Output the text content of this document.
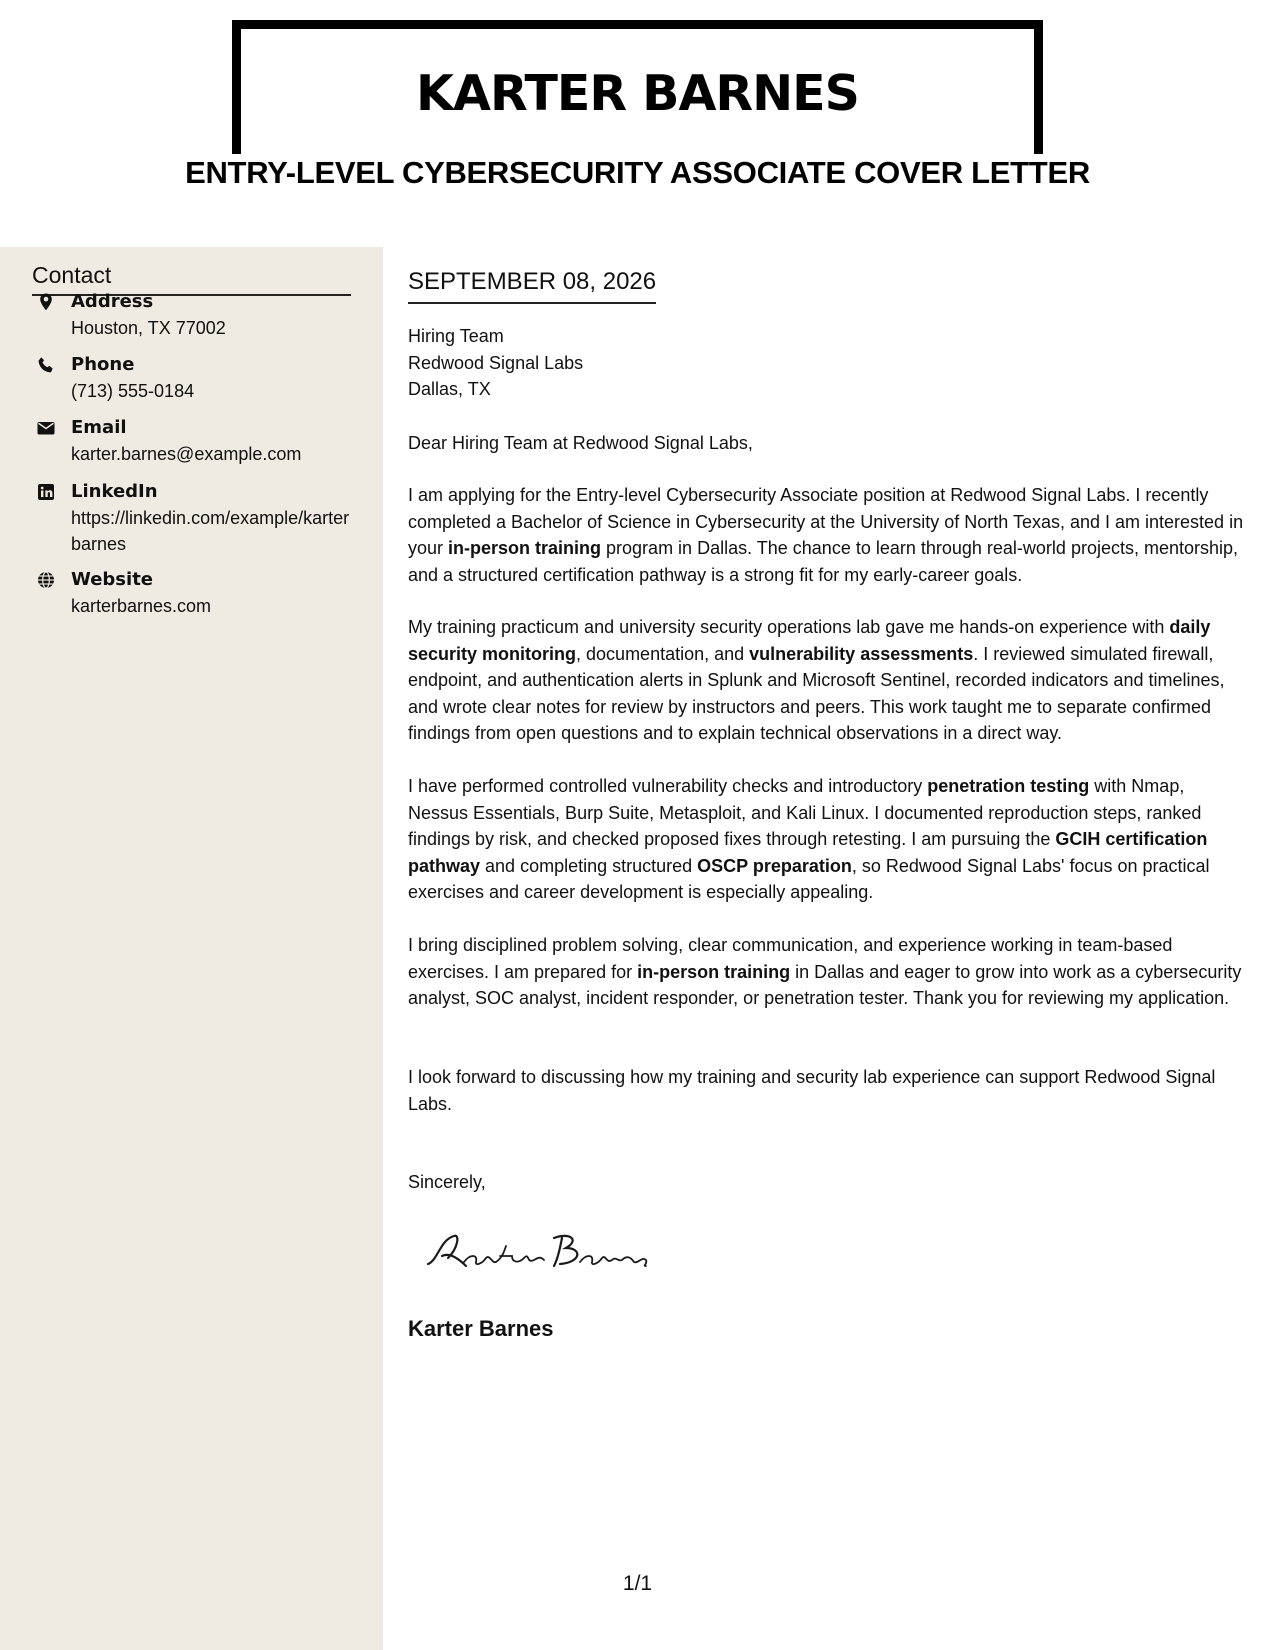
KARTER BARNES
ENTRY-LEVEL CYBERSECURITY ASSOCIATE COVER LETTER
Contact
Address
Houston, TX 77002
Phone
(713) 555-0184
Email
karter.barnes@example.com
LinkedIn
https://linkedin.com/example/karterbarnes
Website
karterbarnes.com
SEPTEMBER 08, 2026
Hiring Team
Redwood Signal Labs
Dallas, TX
Dear Hiring Team at Redwood Signal Labs,

I am applying for the Entry-level Cybersecurity Associate position at Redwood Signal Labs. I recently completed a Bachelor of Science in Cybersecurity at the University of North Texas, and I am interested in your in-person training program in Dallas. The chance to learn through real-world projects, mentorship, and a structured certification pathway is a strong fit for my early-career goals.

My training practicum and university security operations lab gave me hands-on experience with daily security monitoring, documentation, and vulnerability assessments. I reviewed simulated firewall, endpoint, and authentication alerts in Splunk and Microsoft Sentinel, recorded indicators and timelines, and wrote clear notes for review by instructors and peers. This work taught me to separate confirmed findings from open questions and to explain technical observations in a direct way.

I have performed controlled vulnerability checks and introductory penetration testing with Nmap, Nessus Essentials, Burp Suite, Metasploit, and Kali Linux. I documented reproduction steps, ranked findings by risk, and checked proposed fixes through retesting. I am pursuing the GCIH certification pathway and completing structured OSCP preparation, so Redwood Signal Labs' focus on practical exercises and career development is especially appealing.

I bring disciplined problem solving, clear communication, and experience working in team-based exercises. I am prepared for in-person training in Dallas and eager to grow into work as a cybersecurity analyst, SOC analyst, incident responder, or penetration tester. Thank you for reviewing my application.

I look forward to discussing how my training and security lab experience can support Redwood Signal Labs.

Sincerely,
Karter Barnes
1/1
